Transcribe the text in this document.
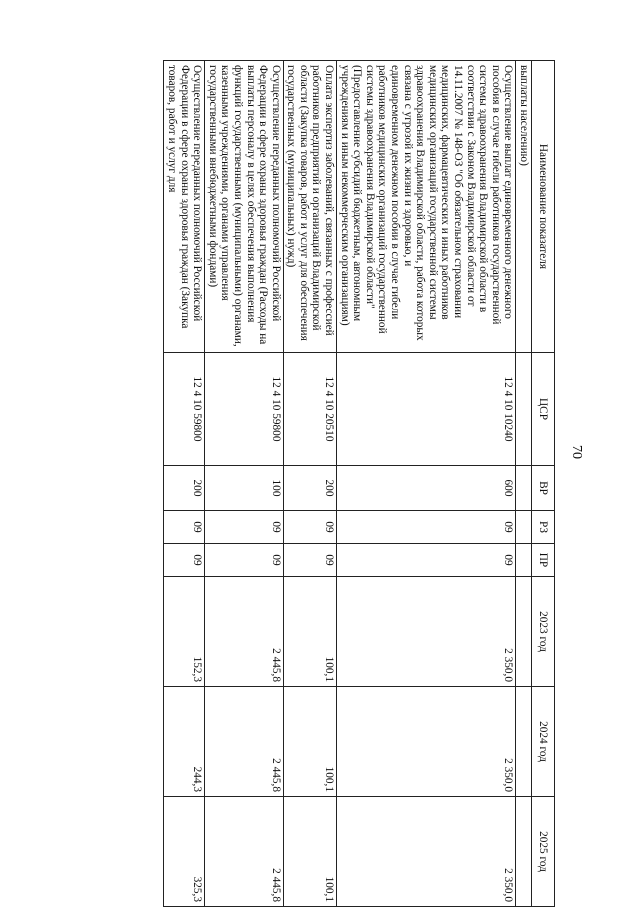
70
Наименование показателя	ЦСР	ВР	РЗ	ПР	2023 год	2024 год	2025 год
выплаты населению)							
Осуществление выплат единовременного денежного пособия в случае гибели работников государственной системы здравоохранения Владимирской области в соответствии с Законом Владимирской области от 14.11.2007 № 148-ОЗ "Об обязательном страховании медицинских, фармацевтических и иных работников медицинских организаций государственной системы здравоохранения Владимирской области, работа которых связана с угрозой их жизни и здоровью, и единовременном денежном пособии в случае гибели работников медицинских организаций государственной системы здравоохранения Владимирской области" (Предоставление субсидий бюджетным, автономным учреждениям и иным некоммерческим организациям)	12 4 10 10240	600	09	09	2 350,0	2 350,0	2 350,0
Оплата экспертиз заболеваний, связанных с профессией работников предприятий и организаций Владимирской области (Закупка товаров, работ и услуг для обеспечения государственных (муниципальных) нужд)	12 4 10 20510	200	09	09	100,1	100,1	100,1
Осуществление переданных полномочий Российской Федерации в сфере охраны здоровья граждан (Расходы на выплаты персоналу в целях обеспечения выполнения функций государственными (муниципальными) органами, казенными учреждениями, органами управления государственными внебюджетными фондами)	12 4 10 59800	100	09	09	2 445,8	2 445,8	2 445,8
Осуществление переданных полномочий Российской Федерации в сфере охраны здоровья граждан (Закупка товаров, работ и услуг для	12 4 10 59800	200	09	09	152,3	244,3	325,3
